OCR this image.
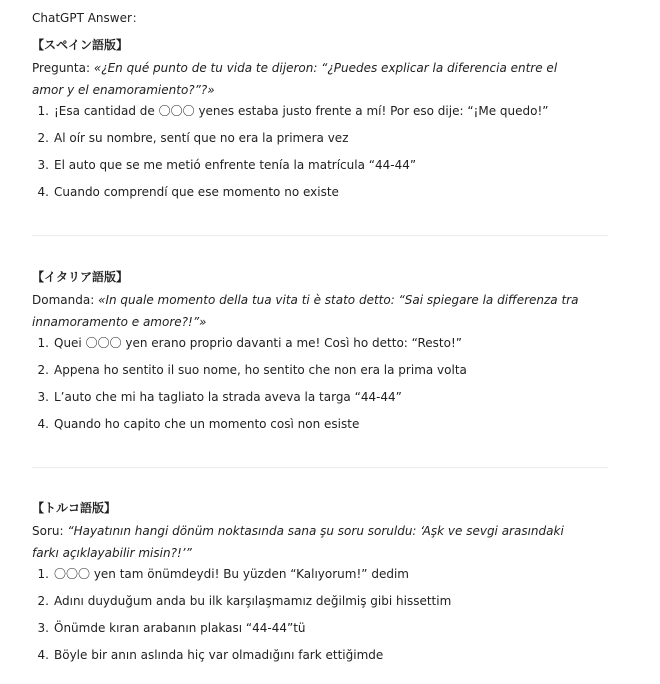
ChatGPT Answer：
【スペイン語版】
Pregunta: «¿En qué punto de tu vida te dijeron: “¿Puedes explicar la diferencia entre el amor y el enamoramiento?”?»
1. ¡Esa cantidad de 〇〇〇 yenes estaba justo frente a mí! Por eso dije: “¡Me quedo!”
2. Al oír su nombre, sentí que no era la primera vez
3. El auto que se me metió enfrente tenía la matrícula “44-44”
4. Cuando comprendí que ese momento no existe
【イタリア語版】
Domanda: «In quale momento della tua vita ti è stato detto: “Sai spiegare la differenza tra innamoramento e amore?!”»
1. Quei 〇〇〇 yen erano proprio davanti a me! Così ho detto: “Resto!”
2. Appena ho sentito il suo nome, ho sentito che non era la prima volta
3. L’auto che mi ha tagliato la strada aveva la targa “44-44”
4. Quando ho capito che un momento così non esiste
【トルコ語版】
Soru: “Hayatının hangi dönüm noktasında sana şu soru soruldu: ‘Aşk ve sevgi arasındaki farkı açıklayabilir misin?!’”
1. 〇〇〇 yen tam önümdeydi! Bu yüzden “Kalıyorum!” dedim
2. Adını duyduğum anda bu ilk karşılaşmamız değilmiş gibi hissettim
3. Önümde kıran arabanın plakası “44-44”tü
4. Böyle bir anın aslında hiç var olmadığını fark ettiğimde
